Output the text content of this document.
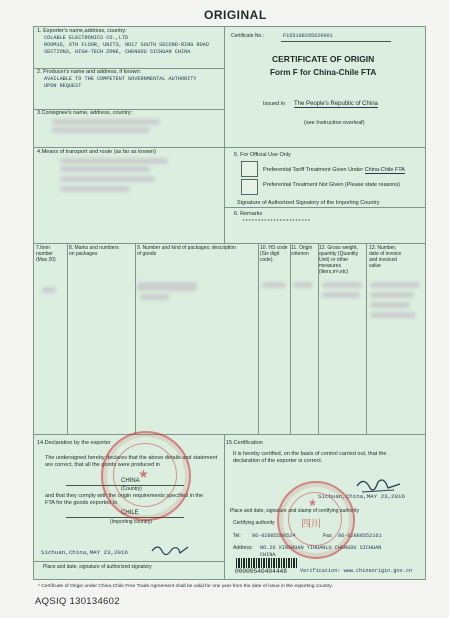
ORIGINAL
1. Exporter's name,address, country:
COLABLE ELECTRONICS CO.,LTD
ROOM16, 6TH FLOOR, UNIT3, NO17 SOUTH SECOND-RING ROAD
SECTION3, HIGH-TECH ZONE, CHENGDU SICHUAN CHINA
Certificate No.:	F165109205020001
CERTIFICATE OF ORIGIN
Form F for China-Chile FTA
Issued in The People's Republic of China
(see Instruction overleaf)
2. Producer's name and address, if known:
AVAILABLE TO THE COMPETENT GOVERNMENTAL AUTHORITY
UPON REQUEST
3.Consignee's name, address, country:
4.Means of transport and route (as far as known)	5. For Official Use Only
Preferential Tariff Treatment Given Under China-Chile FTA
Preferential Treatment Not Given (Please state reasons)
Signature of Authorized Signatory of the Importing Country
6. Remarks
**********************
7.Item
number
(Max 20)
8. Marks and numbers
on packages
9. Number and kind of packages; description
of goods
10. HS code
(Six digit
code)
11. Origin
criterion
12. Gross weight,
quantity (Quantity
Unit) or other
measures
(liters,m³,etc)
13. Number,
date of invoice
and invoiced
value
14.Declaration by the exporter
The undersigned hereby declares that the above details and statement
are correct, that all the goods were produced in
CHINA
(Country)
and that they comply with the origin requirements specified in the
FTA for the goods exported to
CHILE
(Importing country)
Sichuan,China,MAY 23,2016
Place and date, signature of authorized signatory
★
15.Certification
It is hereby certified, on the basis of control carried out, that the
declaration of the exporter is correct.
Sichuan,China,MAY 23,2016
Place and date, signature and stamp of certifying authority
Certifying authority
Tel: 86-02885580524	Fax: 86-02888552161
Address: NO.26 XINSHUAN YIHUANLU CHENGDU SICHUAN
CHINA
Verification: www.chinaorigin.gov.cn
★
四川
00000540404448
* Certificate of Origin under China-Chile Free Trade Agreement shall be valid for one year from the date of issue in the exporting country.
AQSIQ 130134602
